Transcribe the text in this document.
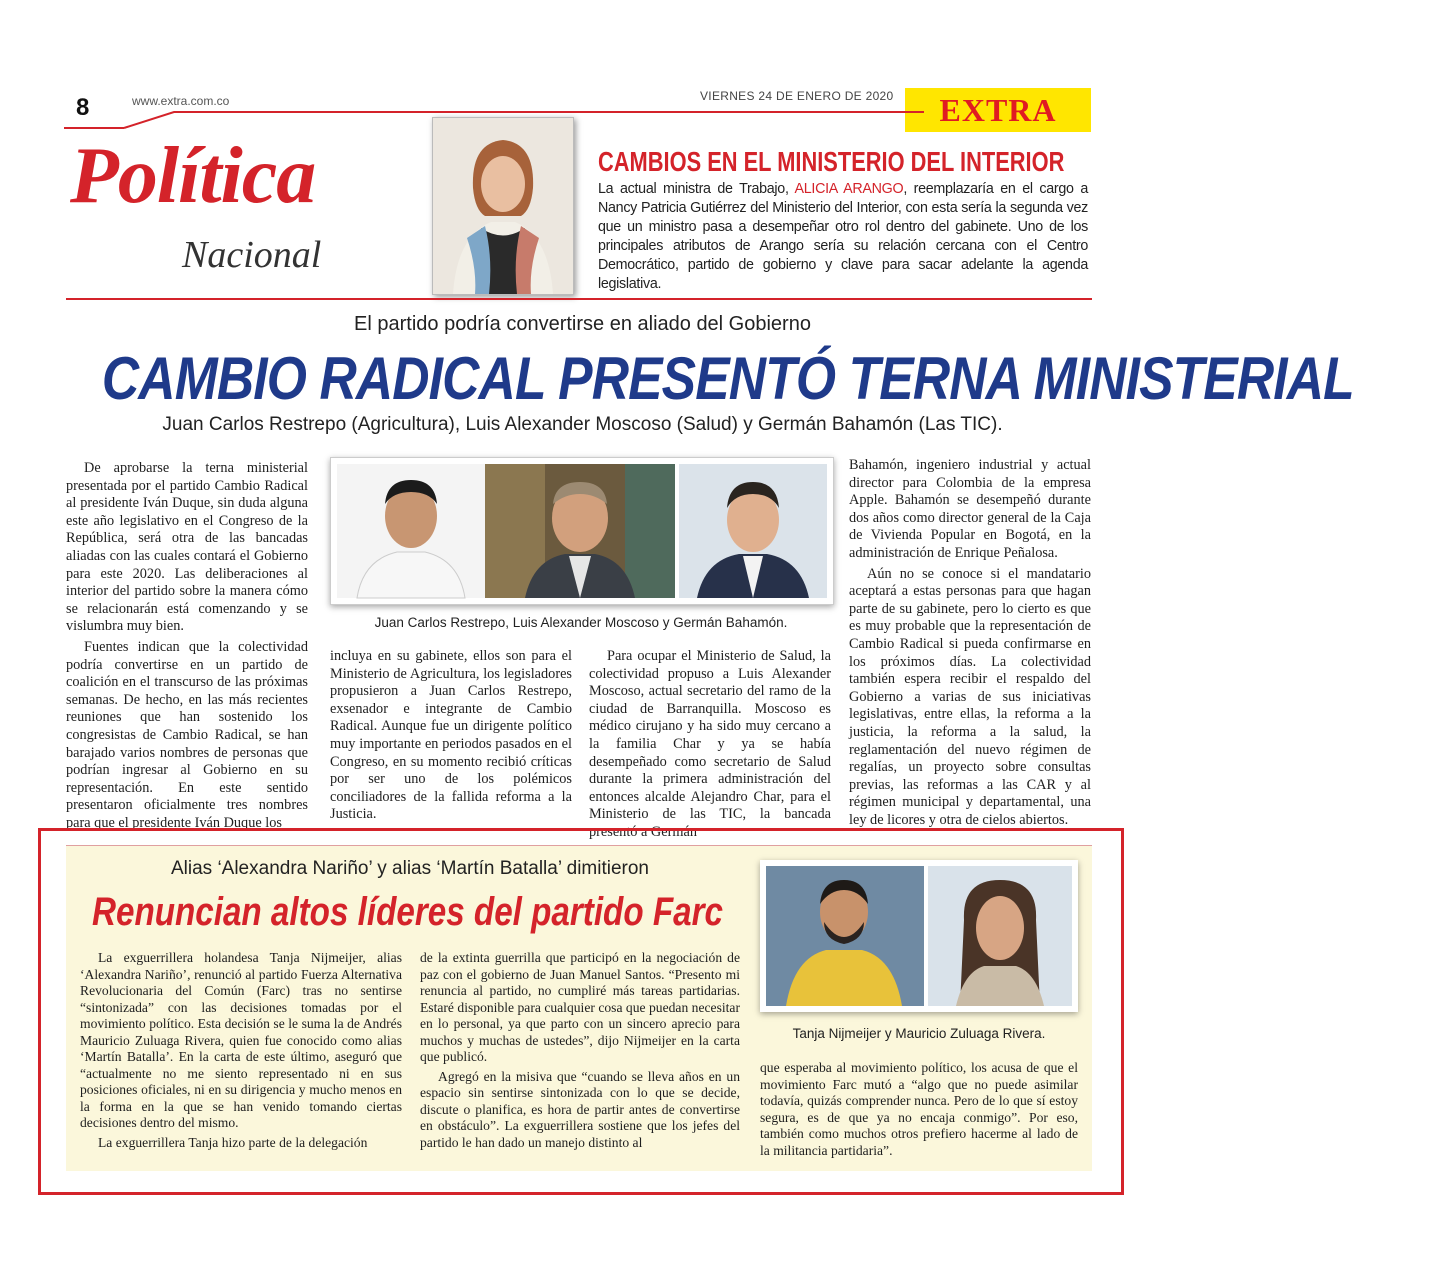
8	www.extra.com.co	VIERNES 24 DE ENERO DE 2020	EXTRA
Política
Nacional
CAMBIOS EN EL MINISTERIO DEL INTERIOR
La actual ministra de Trabajo, ALICIA ARANGO, reemplazaría en el cargo a Nancy Patricia Gutiérrez del Ministerio del Interior, con esta sería la segunda vez que un ministro pasa a desempeñar otro rol dentro del gabinete. Uno de los principales atributos de Arango sería su relación cercana con el Centro Democrático, partido de gobierno y clave para sacar adelante la agenda legislativa.
El partido podría convertirse en aliado del Gobierno
CAMBIO RADICAL PRESENTÓ TERNA MINISTERIAL
Juan Carlos Restrepo (Agricultura), Luis Alexander Moscoso (Salud) y Germán Bahamón (Las TIC).

De aprobarse la terna ministerial presentada por el partido Cambio Radical al presidente Iván Duque, sin duda alguna este año legislativo en el Congreso de la República, será otra de las bancadas aliadas con las cuales contará el Gobierno para este 2020. Las deliberaciones al interior del partido sobre la manera cómo se relacionarán está comenzando y se vislumbra muy bien.

Fuentes indican que la colectividad podría convertirse en un partido de coalición en el transcurso de las próximas semanas. De hecho, en las más recientes reuniones que han sostenido los congresistas de Cambio Radical, se han barajado varios nombres de personas que podrían ingresar al Gobierno en su representación. En este sentido presentaron oficialmente tres nombres para que el presidente Iván Duque los

Juan Carlos Restrepo, Luis Alexander Moscoso y Germán Bahamón.

incluya en su gabinete, ellos son para el Ministerio de Agricultura, los legisladores propusieron a Juan Carlos Restrepo, exsenador e integrante de Cambio Radical. Aunque fue un dirigente político muy importante en periodos pasados en el Congreso, en su momento recibió críticas por ser uno de los polémicos conciliadores de la fallida reforma a la Justicia.

Para ocupar el Ministerio de Salud, la colectividad propuso a Luis Alexander Moscoso, actual secretario del ramo de la ciudad de Barranquilla. Moscoso es médico cirujano y ha sido muy cercano a la familia Char y ya se había desempeñado como secretario de Salud durante la primera administración del entonces alcalde Alejandro Char, para el Ministerio de las TIC, la bancada presentó a Germán

Bahamón, ingeniero industrial y actual director para Colombia de la empresa Apple. Bahamón se desempeñó durante dos años como director general de la Caja de Vivienda Popular en Bogotá, en la administración de Enrique Peñalosa.

Aún no se conoce si el mandatario aceptará a estas personas para que hagan parte de su gabinete, pero lo cierto es que es muy probable que la representación de Cambio Radical si pueda confirmarse en los próximos días. La colectividad también espera recibir el respaldo del Gobierno a varias de sus iniciativas legislativas, entre ellas, la reforma a la justicia, la reforma a la salud, la reglamentación del nuevo régimen de regalías, un proyecto sobre consultas previas, las reformas a las CAR y al régimen municipal y departamental, una ley de licores y otra de cielos abiertos.

Alias ‘Alexandra Nariño’ y alias ‘Martín Batalla’ dimitieron
Renuncian altos líderes del partido Farc
Tanja Nijmeijer y Mauricio Zuluaga Rivera.

La exguerrillera holandesa Tanja Nijmeijer, alias ‘Alexandra Nariño’, renunció al partido Fuerza Alternativa Revolucionaria del Común (Farc) tras no sentirse “sintonizada” con las decisiones tomadas por el movimiento político. Esta decisión se le suma la de Andrés Mauricio Zuluaga Rivera, quien fue conocido como alias ‘Martín Batalla’. En la carta de este último, aseguró que “actualmente no me siento representado ni en sus posiciones oficiales, ni en su dirigencia y mucho menos en la forma en la que se han venido tomando ciertas decisiones dentro del mismo.

La exguerrillera Tanja hizo parte de la delegación

de la extinta guerrilla que participó en la negociación de paz con el gobierno de Juan Manuel Santos. “Presento mi renuncia al partido, no cumpliré más tareas partidarias. Estaré disponible para cualquier cosa que puedan necesitar en lo personal, ya que parto con un sincero aprecio para muchos y muchas de ustedes”, dijo Nijmeijer en la carta que publicó.

Agregó en la misiva que “cuando se lleva años en un espacio sin sentirse sintonizada con lo que se decide, discute o planifica, es hora de partir antes de convertirse en obstáculo”. La exguerrillera sostiene que los jefes del partido le han dado un manejo distinto al

que esperaba al movimiento político, los acusa de que el movimiento Farc mutó a “algo que no puede asimilar todavía, quizás comprender nunca. Pero de lo que sí estoy segura, es de que ya no encaja conmigo”. Por eso, también como muchos otros prefiero hacerme al lado de la militancia partidaria”.
